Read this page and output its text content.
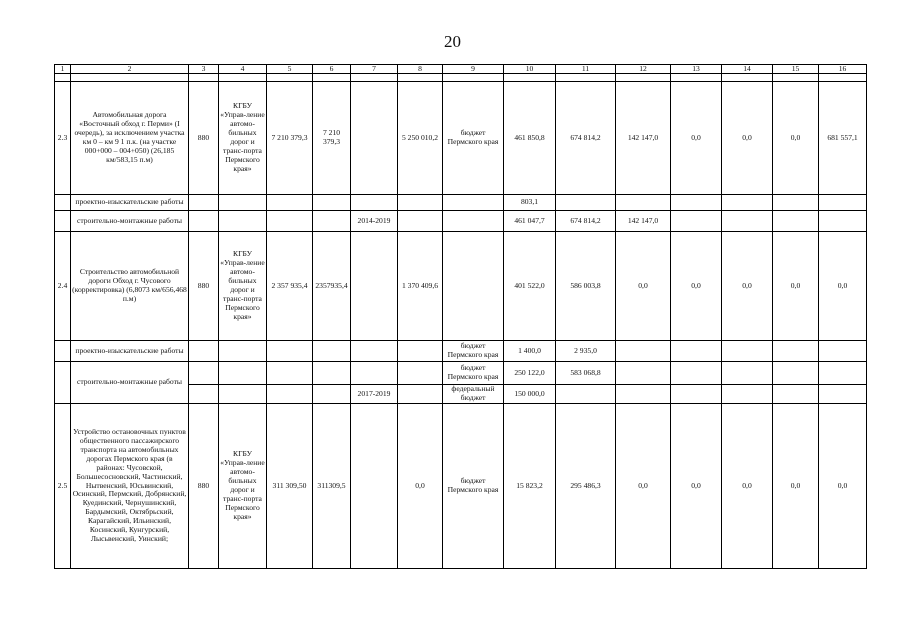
20
1	2	3	4	5	6	7	8	9	10	11	12	13	14	15	16

2.3	Автомобильная дорога «Восточный обход г. Перми» (I очередь), за исключением участка км 0 – км 9 1 п.к. (на участке 000+000 – 004+050) (26,185 км/583,15 п.м)	880	КГБУ «Управ-ление автомо-бильных дорог и транс-порта Пермского края»	7 210 379,3	7 210 379,3		5 250 010,2	бюджет Пермского края	461 850,8	674 814,2	142 147,0	0,0	0,0	0,0	681 557,1
	проектно-изыскательские работы								803,1						
	строительно-монтажные работы					2014-2019			461 047,7	674 814,2	142 147,0				
2.4	Строительство автомобильной дороги Обход г. Чусового (корректировка) (6,8073 км/656,468 п.м)	880	КГБУ «Управ-ление автомо-бильных дорог и транс-порта Пермского края»	2 357 935,4	2357935,4		1 370 409,6		401 522,0	586 003,8	0,0	0,0	0,0	0,0	0,0
	проектно-изыскательские работы							бюджет Пермского края	1 400,0	2 935,0					
	строительно-монтажные работы							бюджет Пермского края	250 122,0	583 068,8					
						2017-2019		федеральный бюджет	150 000,0						
2.5	Устройство остановочных пунктов общественного пассажирского транспорта на автомобильных дорогах Пермского края (в районах: Чусовской, Большесосновский, Частинский, Нытвенский, Юсьвинский, Осинский, Пермский, Добрянский, Куединский, Чернушинский, Бардымский, Октябрьский, Карагайский, Ильинский, Косинский, Кунгурский, Лысьвенский, Уинский;	880	КГБУ «Управ-ление автомо-бильных дорог и транс-порта Пермского края»	311 309,50	311309,5		0,0	бюджет Пермского края	15 823,2	295 486,3	0,0	0,0	0,0	0,0	0,0
